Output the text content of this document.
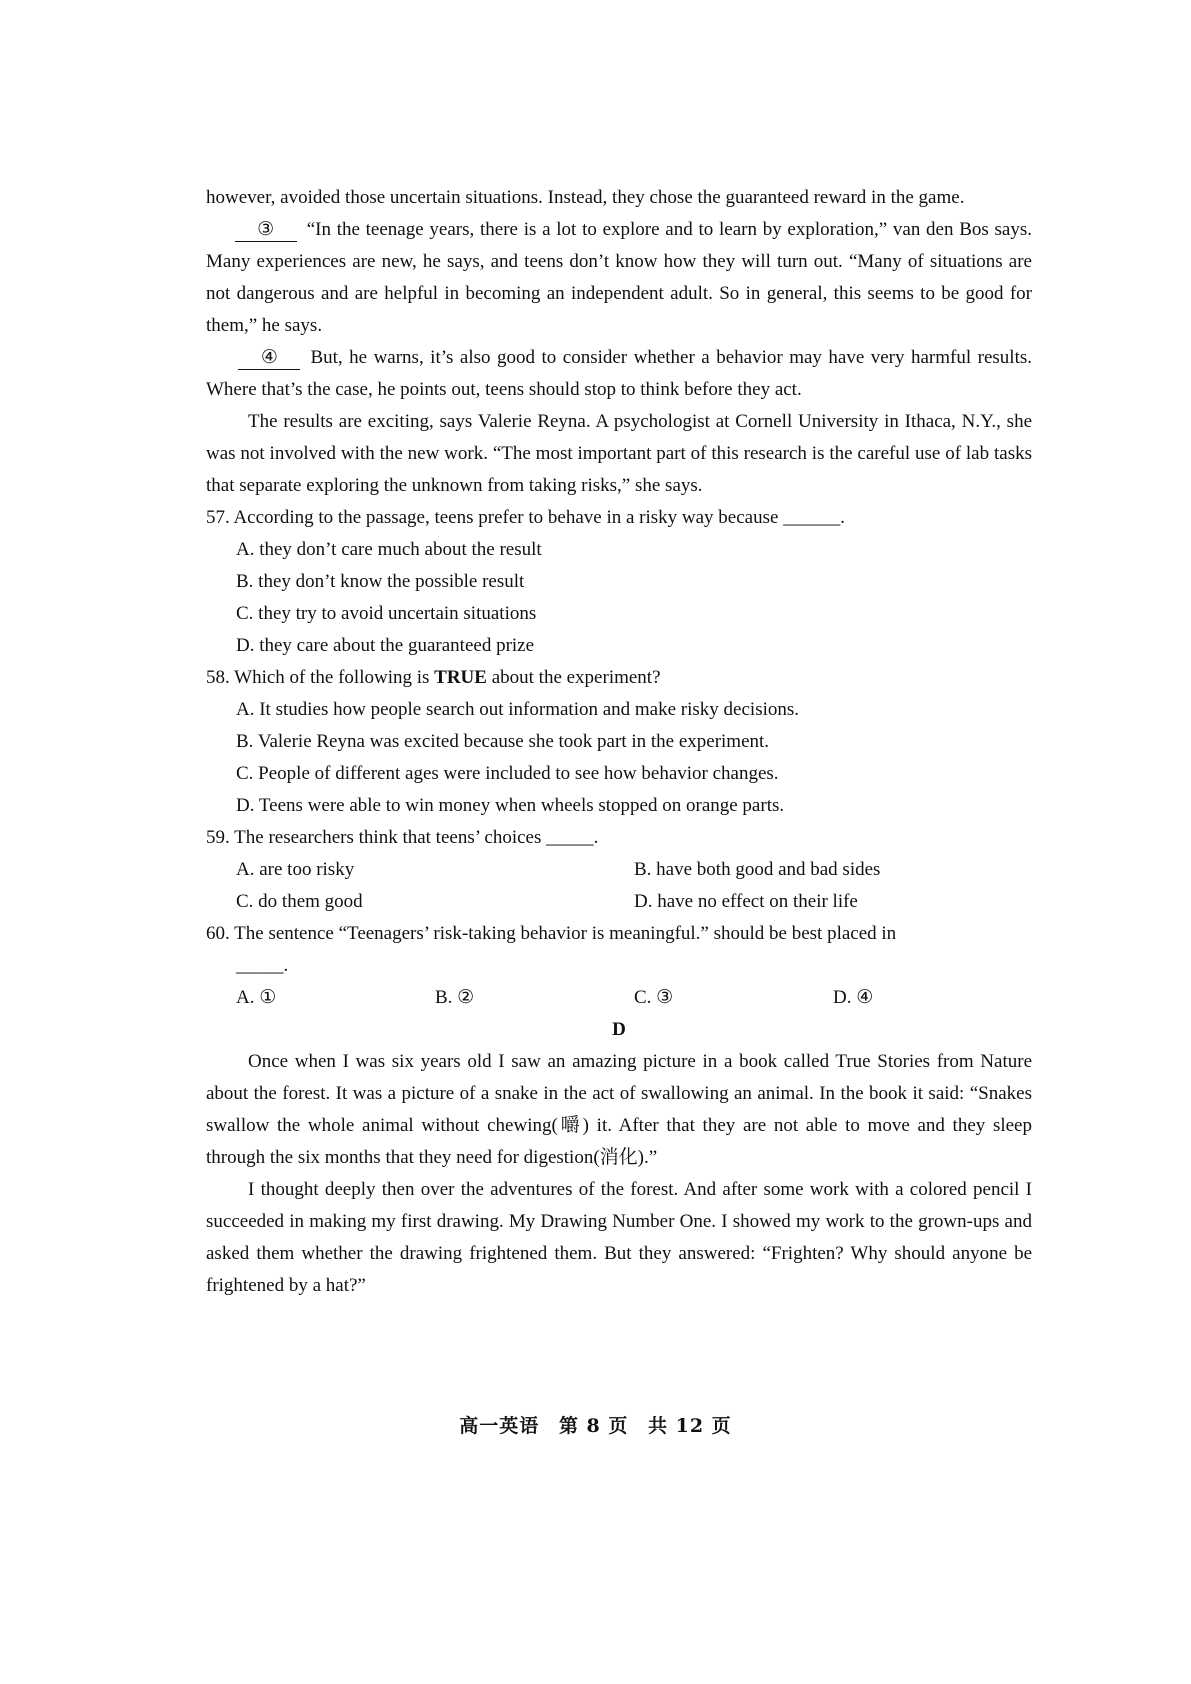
however, avoided those uncertain situations. Instead, they chose the guaranteed reward in the game.

③ “In the teenage years, there is a lot to explore and to learn by exploration,” van den Bos says. Many experiences are new, he says, and teens don’t know how they will turn out. “Many of situations are not dangerous and are helpful in becoming an independent adult. So in general, this seems to be good for them,” he says.

④ But, he warns, it’s also good to consider whether a behavior may have very harmful results. Where that’s the case, he points out, teens should stop to think before they act.

The results are exciting, says Valerie Reyna. A psychologist at Cornell University in Ithaca, N.Y., she was not involved with the new work. “The most important part of this research is the careful use of lab tasks that separate exploring the unknown from taking risks,” she says.

57. According to the passage, teens prefer to behave in a risky way because ______.

A. they don’t care much about the result

B. they don’t know the possible result

C. they try to avoid uncertain situations

D. they care about the guaranteed prize

58. Which of the following is TRUE about the experiment?

A. It studies how people search out information and make risky decisions.

B. Valerie Reyna was excited because she took part in the experiment.

C. People of different ages were included to see how behavior changes.

D. Teens were able to win money when wheels stopped on orange parts.

59. The researchers think that teens’ choices _____.

A. are too risky	B. have both good and bad sides
C. do them good	D. have no effect on their life

60. The sentence “Teenagers’ risk-taking behavior is meaningful.” should be best placed in

_____.

A. ①	B. ②	C. ③	D. ④

D

Once when I was six years old I saw an amazing picture in a book called True Stories from Nature about the forest. It was a picture of a snake in the act of swallowing an animal. In the book it said: “Snakes swallow the whole animal without chewing(嚼) it. After that they are not able to move and they sleep through the six months that they need for digestion(消化).”

I thought deeply then over the adventures of the forest. And after some work with a colored pencil I succeeded in making my first drawing. My Drawing Number One. I showed my work to the grown-ups and asked them whether the drawing frightened them. But they answered: “Frighten? Why should anyone be frightened by a hat?”

高一英语 第 8 页 共 12 页
